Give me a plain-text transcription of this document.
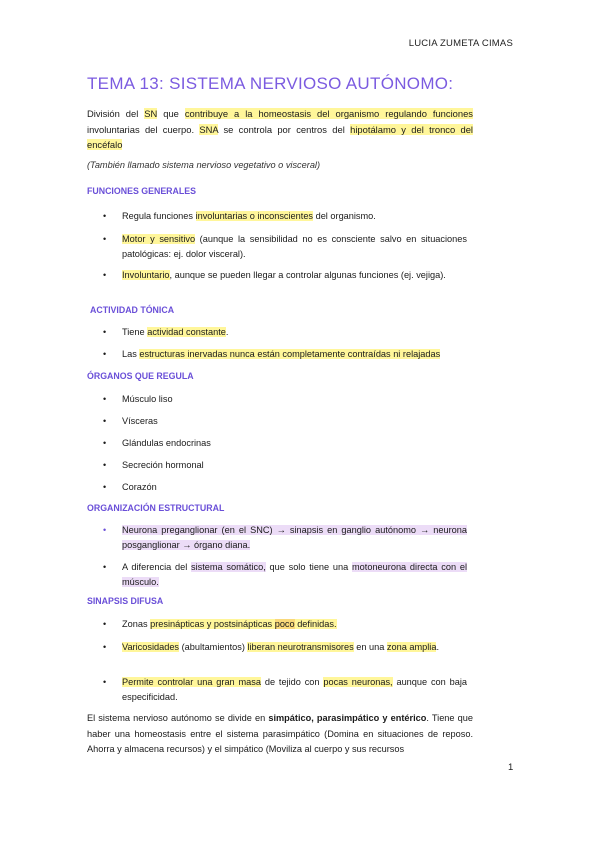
LUCIA ZUMETA CIMAS
TEMA 13: SISTEMA NERVIOSO AUTÓNOMO:
División del SN que contribuye a la homeostasis del organismo regulando funciones involuntarias del cuerpo. SNA se controla por centros del hipotálamo y del tronco del encéfalo
(También llamado sistema nervioso vegetativo o visceral)
FUNCIONES GENERALES
•	Regula funciones involuntarias o inconscientes del organismo.
•	Motor y sensitivo (aunque la sensibilidad no es consciente salvo en situaciones patológicas: ej. dolor visceral).
•	Involuntario, aunque se pueden llegar a controlar algunas funciones (ej. vejiga).
ACTIVIDAD TÓNICA
•	Tiene actividad constante.
•	Las estructuras inervadas nunca están completamente contraídas ni relajadas
ÓRGANOS QUE REGULA
•	Músculo liso
•	Vísceras
•	Glándulas endocrinas
•	Secreción hormonal
•	Corazón
ORGANIZACIÓN ESTRUCTURAL
•	Neurona preganglionar (en el SNC) → sinapsis en ganglio autónomo → neurona posganglionar → órgano diana.
•	A diferencia del sistema somático, que solo tiene una motoneurona directa con el músculo.
SINAPSIS DIFUSA
•	Zonas presinápticas y postsinápticas poco definidas.
•	Varicosidades (abultamientos) liberan neurotransmisores en una zona amplia.
•	Permite controlar una gran masa de tejido con pocas neuronas, aunque con baja especificidad.
El sistema nervioso autónomo se divide en simpático, parasimpático y entérico. Tiene que haber una homeostasis entre el sistema parasimpático (Domina en situaciones de reposo. Ahorra y almacena recursos) y el simpático (Moviliza al cuerpo y sus recursos
1
